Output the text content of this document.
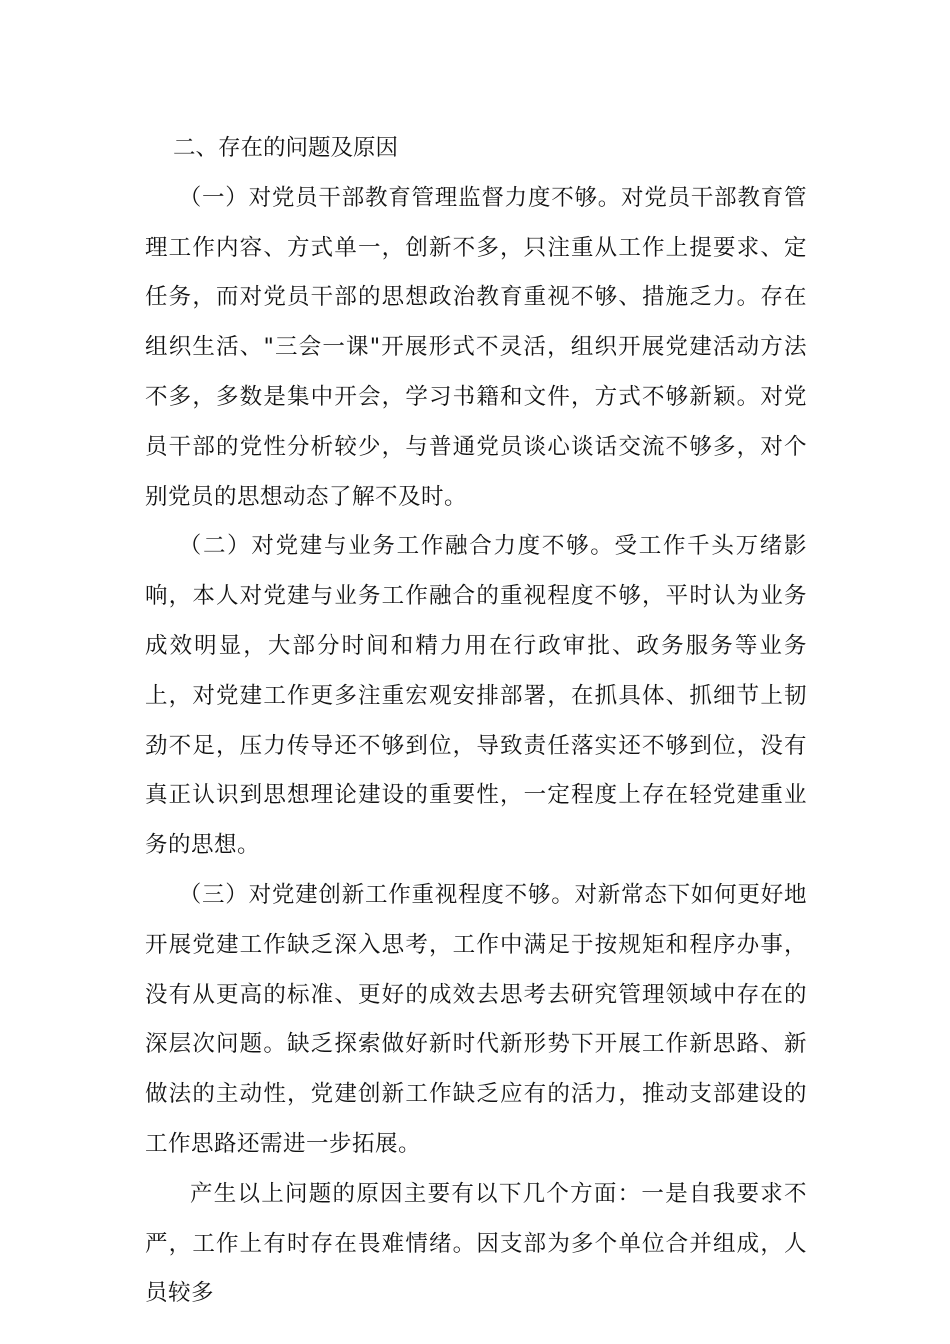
二、存在的问题及原因

（一）对党员干部教育管理监督力度不够。对党员干部教育管理工作内容、方式单一，创新不多，只注重从工作上提要求、定任务，而对党员干部的思想政治教育重视不够、措施乏力。存在组织生活、"三会一课"开展形式不灵活，组织开展党建活动方法不多，多数是集中开会，学习书籍和文件，方式不够新颖。对党员干部的党性分析较少，与普通党员谈心谈话交流不够多，对个别党员的思想动态了解不及时。

（二）对党建与业务工作融合力度不够。受工作千头万绪影响，本人对党建与业务工作融合的重视程度不够，平时认为业务成效明显，大部分时间和精力用在行政审批、政务服务等业务上，对党建工作更多注重宏观安排部署，在抓具体、抓细节上韧劲不足，压力传导还不够到位，导致责任落实还不够到位，没有真正认识到思想理论建设的重要性，一定程度上存在轻党建重业务的思想。

（三）对党建创新工作重视程度不够。对新常态下如何更好地开展党建工作缺乏深入思考，工作中满足于按规矩和程序办事，没有从更高的标准、更好的成效去思考去研究管理领域中存在的深层次问题。缺乏探索做好新时代新形势下开展工作新思路、新做法的主动性，党建创新工作缺乏应有的活力，推动支部建设的工作思路还需进一步拓展。

产生以上问题的原因主要有以下几个方面：一是自我要求不严，工作上有时存在畏难情绪。因支部为多个单位合并组成，人员较多
